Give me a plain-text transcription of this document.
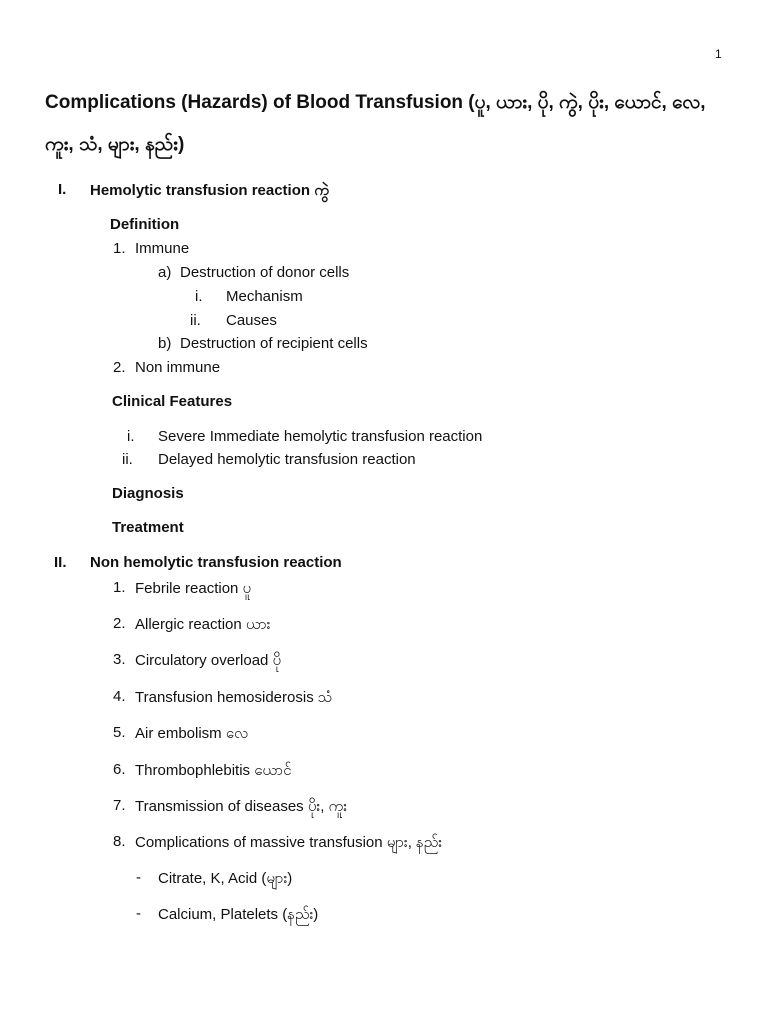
1
Complications (Hazards) of Blood Transfusion (ပူ, ယား, ပို, ကွဲ, ပိုး, ယောင်, လေ, ကူး, သံ, များ, နည်း)
I. Hemolytic transfusion reaction ကွဲ
Definition
1. Immune
a) Destruction of donor cells
i. Mechanism
ii. Causes
b) Destruction of recipient cells
2. Non immune
Clinical Features
i. Severe Immediate hemolytic transfusion reaction
ii. Delayed hemolytic transfusion reaction
Diagnosis
Treatment
II. Non hemolytic transfusion reaction
1. Febrile reaction ပူ
2. Allergic reaction ယား
3. Circulatory overload ပို
4. Transfusion hemosiderosis သံ
5. Air embolism လေ
6. Thrombophlebitis ယောင်
7. Transmission of diseases ပိုး, ကူး
8. Complications of massive transfusion များ, နည်း
- Citrate, K, Acid (များ)
- Calcium, Platelets (နည်း)
